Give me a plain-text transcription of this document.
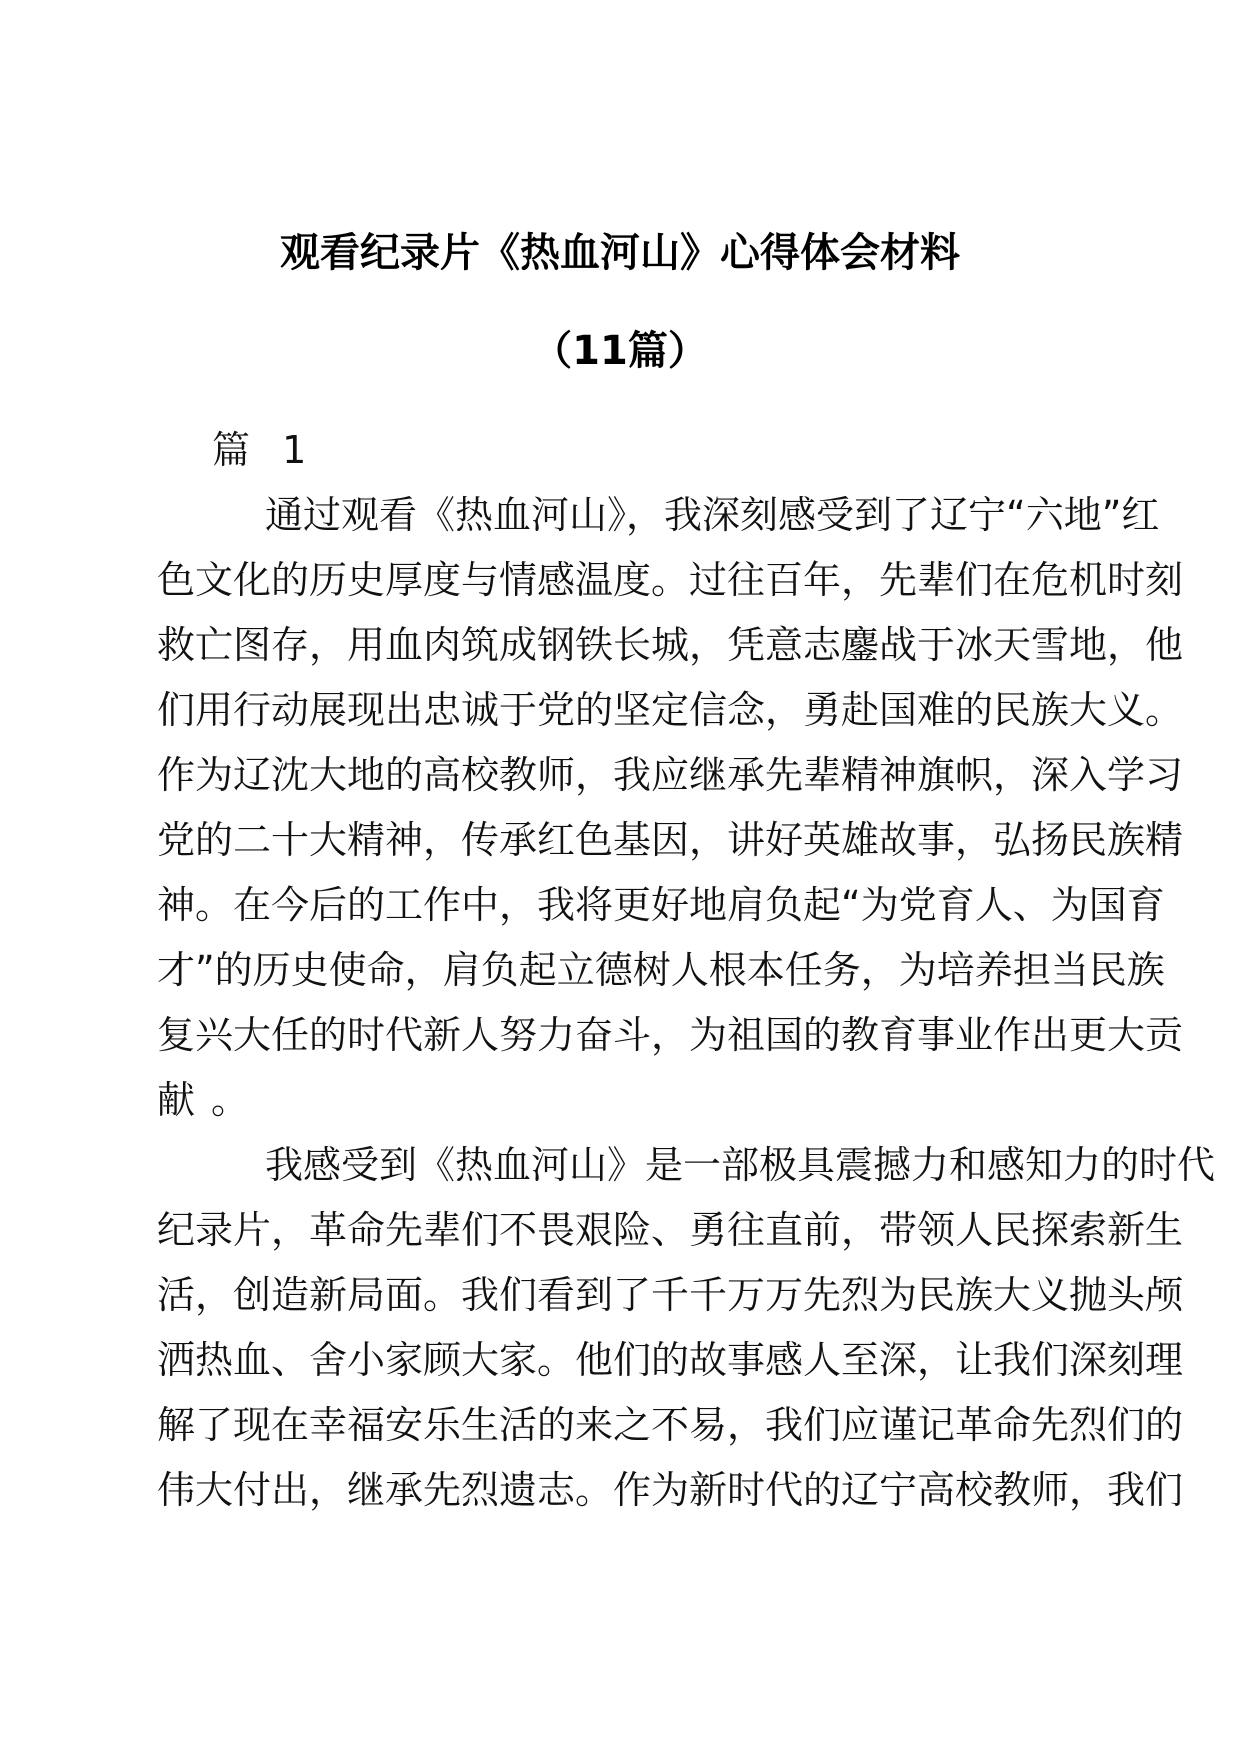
观看纪录片《热血河山》心得体会材料
（11篇）
篇 1
通过观看《热血河山》，我深刻感受到了辽宁“六地”红
色文化的历史厚度与情感温度。过往百年，先辈们在危机时刻
救亡图存，用血肉筑成钢铁长城，凭意志鏖战于冰天雪地，他
们用行动展现出忠诚于党的坚定信念，勇赴国难的民族大义。
作为辽沈大地的高校教师，我应继承先辈精神旗帜，深入学习
党的二十大精神，传承红色基因，讲好英雄故事，弘扬民族精
神。在今后的工作中，我将更好地肩负起“为党育人、为国育
才”的历史使命，肩负起立德树人根本任务，为培养担当民族
复兴大任的时代新人努力奋斗，为祖国的教育事业作出更大贡
献。
我感受到《热血河山》是一部极具震撼力和感知力的时代
纪录片，革命先辈们不畏艰险、勇往直前，带领人民探索新生
活，创造新局面。我们看到了千千万万先烈为民族大义抛头颅
洒热血、舍小家顾大家。他们的故事感人至深，让我们深刻理
解了现在幸福安乐生活的来之不易，我们应谨记革命先烈们的
伟大付出，继承先烈遗志。作为新时代的辽宁高校教师，我们
